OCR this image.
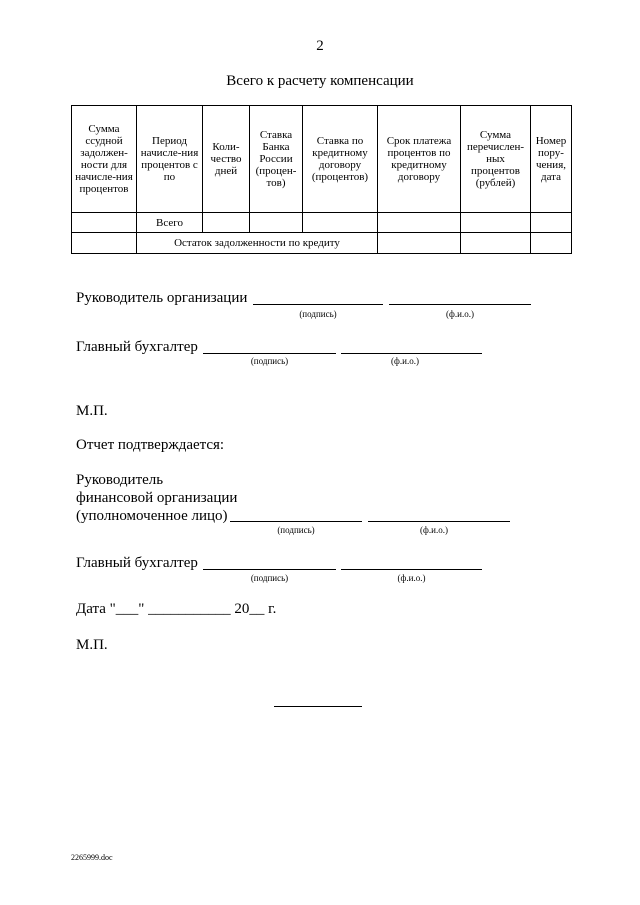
2
Всего к расчету компенсации
Сумма ссудной задолжен-ности для начисле-ния процентов	Период начисле-ния процентов с по	Коли-чество дней	Ставка Банка России (процен-тов)	Ставка по кредитному договору (процентов)	Срок платежа процентов по кредитному договору	Сумма перечислен-ных процентов (рублей)	Номер пору-чения, дата
	Всего						
	Остаток задолженности по кредиту						
Руководитель организации
(подпись)	(ф.и.о.)
Главный бухгалтер
(подпись)	(ф.и.о.)
М.П.
Отчет подтверждается:
Руководитель
финансовой организации
(уполномоченное лицо)
(подпись)	(ф.и.о.)
Главный бухгалтер
(подпись)	(ф.и.о.)
Дата "___" ___________ 20__ г.
М.П.
2265999.doc
